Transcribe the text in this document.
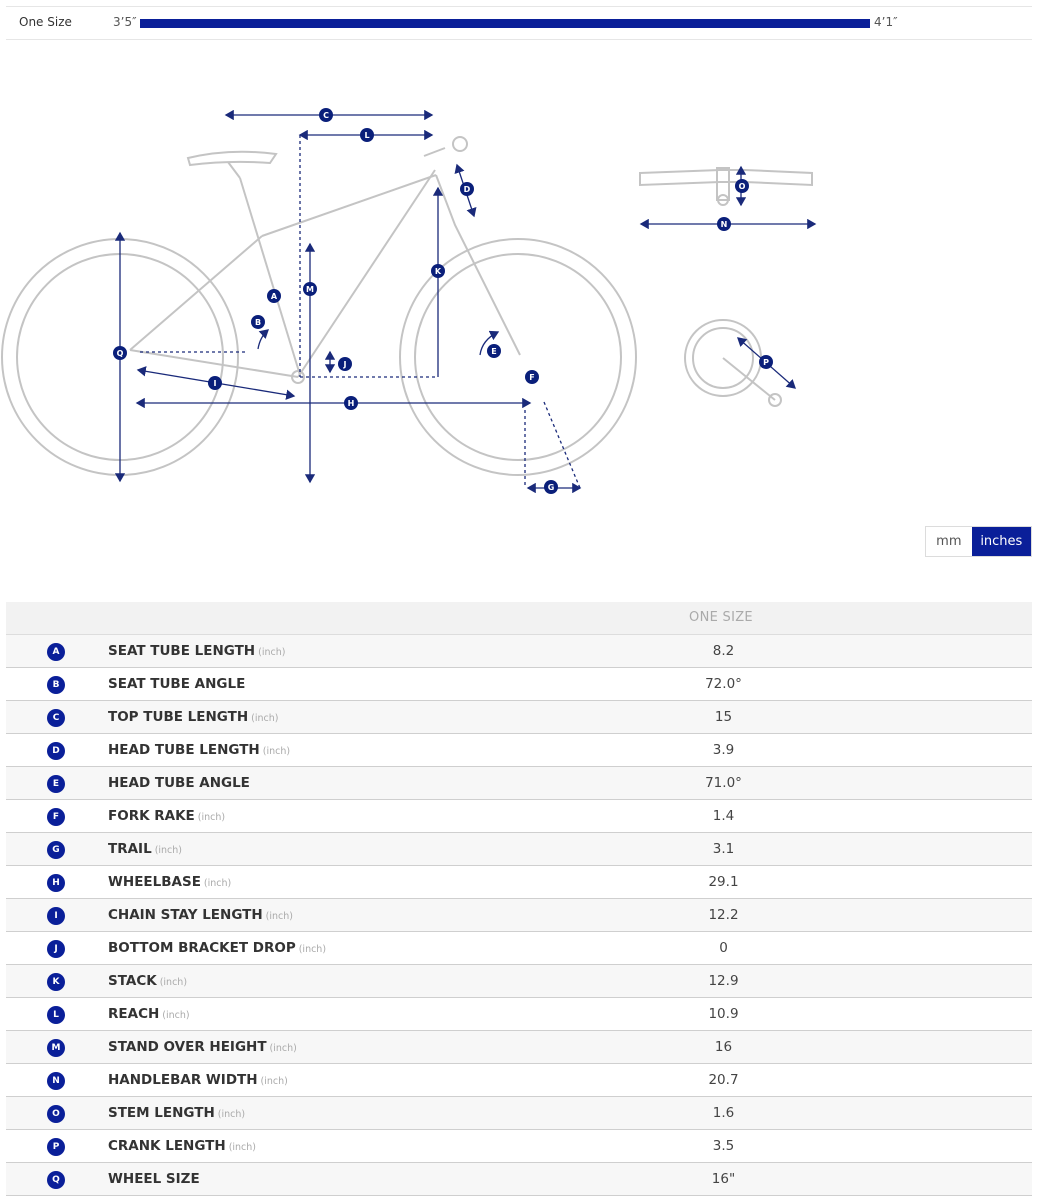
One Size	3’5″	4’1″
C
L
D	O
N
K
M
A
B
Q
J
E
F
I
H
G
P
mm	inches
ONE SIZE
A	SEAT TUBE LENGTH (inch)	8.2
B	SEAT TUBE ANGLE	72.0°
C	TOP TUBE LENGTH (inch)	15
D	HEAD TUBE LENGTH (inch)	3.9
E	HEAD TUBE ANGLE	71.0°
F	FORK RAKE (inch)	1.4
G	TRAIL (inch)	3.1
H	WHEELBASE (inch)	29.1
I	CHAIN STAY LENGTH (inch)	12.2
J	BOTTOM BRACKET DROP (inch)	0
K	STACK (inch)	12.9
L	REACH (inch)	10.9
M	STAND OVER HEIGHT (inch)	16
N	HANDLEBAR WIDTH (inch)	20.7
O	STEM LENGTH (inch)	1.6
P	CRANK LENGTH (inch)	3.5
Q	WHEEL SIZE	16"
